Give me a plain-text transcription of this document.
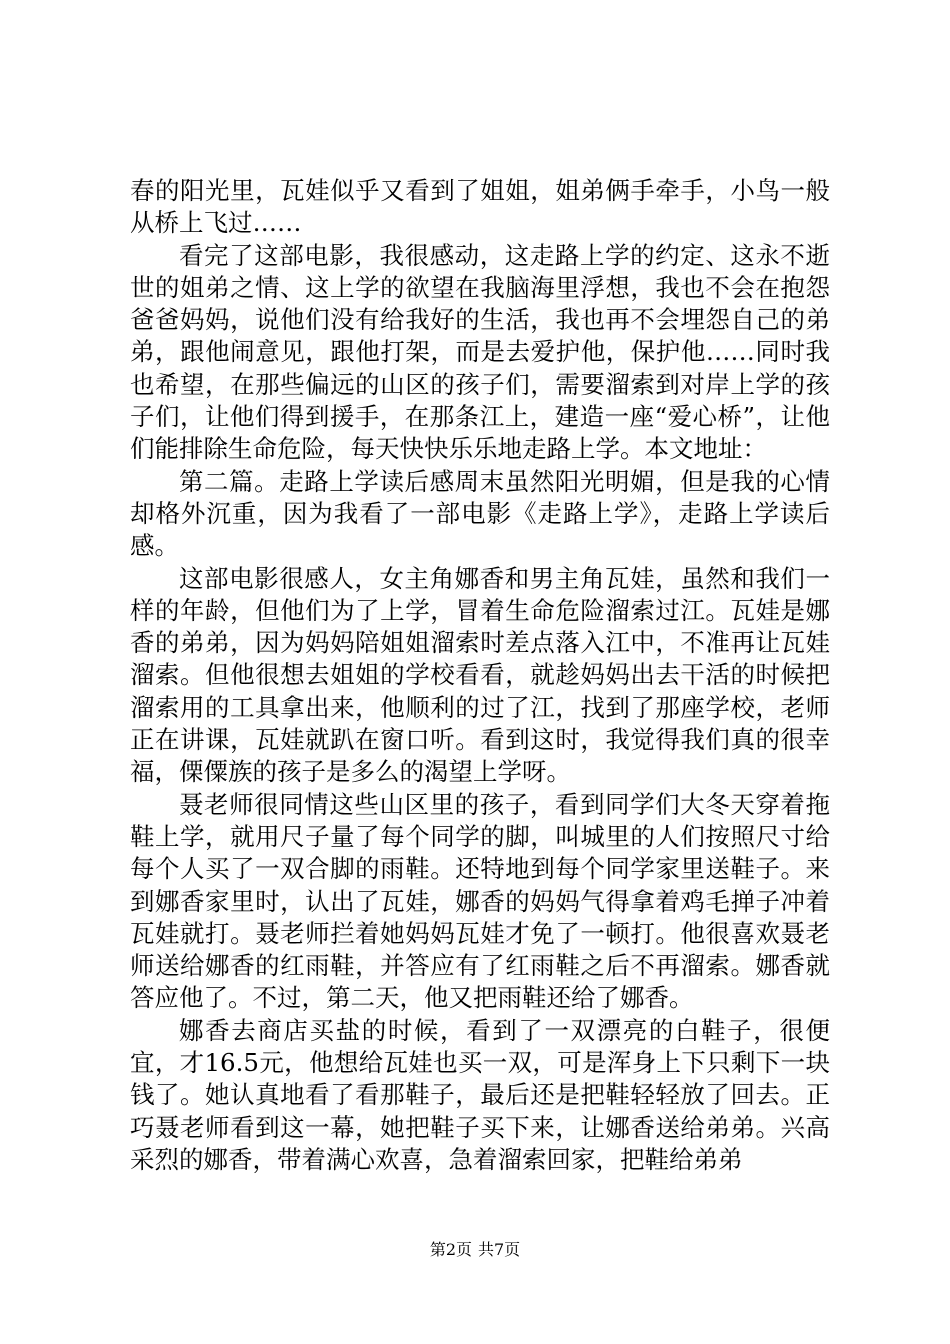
春的阳光里，瓦娃似乎又看到了姐姐，姐弟俩手牵手，小鸟一般从桥上飞过……

看完了这部电影，我很感动，这走路上学的约定、这永不逝世的姐弟之情、这上学的欲望在我脑海里浮想，我也不会在抱怨爸爸妈妈，说他们没有给我好的生活，我也再不会埋怨自己的弟弟，跟他闹意见，跟他打架，而是去爱护他，保护他……同时我也希望，在那些偏远的山区的孩子们，需要溜索到对岸上学的孩子们，让他们得到援手，在那条江上，建造一座“爱心桥”，让他们能排除生命危险，每天快快乐乐地走路上学。本文地址：

第二篇。走路上学读后感周末虽然阳光明媚，但是我的心情却格外沉重，因为我看了一部电影《走路上学》，走路上学读后感。

这部电影很感人，女主角娜香和男主角瓦娃，虽然和我们一样的年龄，但他们为了上学，冒着生命危险溜索过江。瓦娃是娜香的弟弟，因为妈妈陪姐姐溜索时差点落入江中，不准再让瓦娃溜索。但他很想去姐姐的学校看看，就趁妈妈出去干活的时候把溜索用的工具拿出来，他顺利的过了江，找到了那座学校，老师正在讲课，瓦娃就趴在窗口听。看到这时，我觉得我们真的很幸福，傈僳族的孩子是多么的渴望上学呀。

聂老师很同情这些山区里的孩子，看到同学们大冬天穿着拖鞋上学，就用尺子量了每个同学的脚，叫城里的人们按照尺寸给每个人买了一双合脚的雨鞋。还特地到每个同学家里送鞋子。来到娜香家里时，认出了瓦娃，娜香的妈妈气得拿着鸡毛掸子冲着瓦娃就打。聂老师拦着她妈妈瓦娃才免了一顿打。他很喜欢聂老师送给娜香的红雨鞋，并答应有了红雨鞋之后不再溜索。娜香就答应他了。不过，第二天，他又把雨鞋还给了娜香。

娜香去商店买盐的时候，看到了一双漂亮的白鞋子，很便宜，才16.5元，他想给瓦娃也买一双，可是浑身上下只剩下一块钱了。她认真地看了看那鞋子，最后还是把鞋轻轻放了回去。正巧聂老师看到这一幕，她把鞋子买下来，让娜香送给弟弟。兴高采烈的娜香，带着满心欢喜，急着溜索回家，把鞋给弟弟

第2页 共7页
